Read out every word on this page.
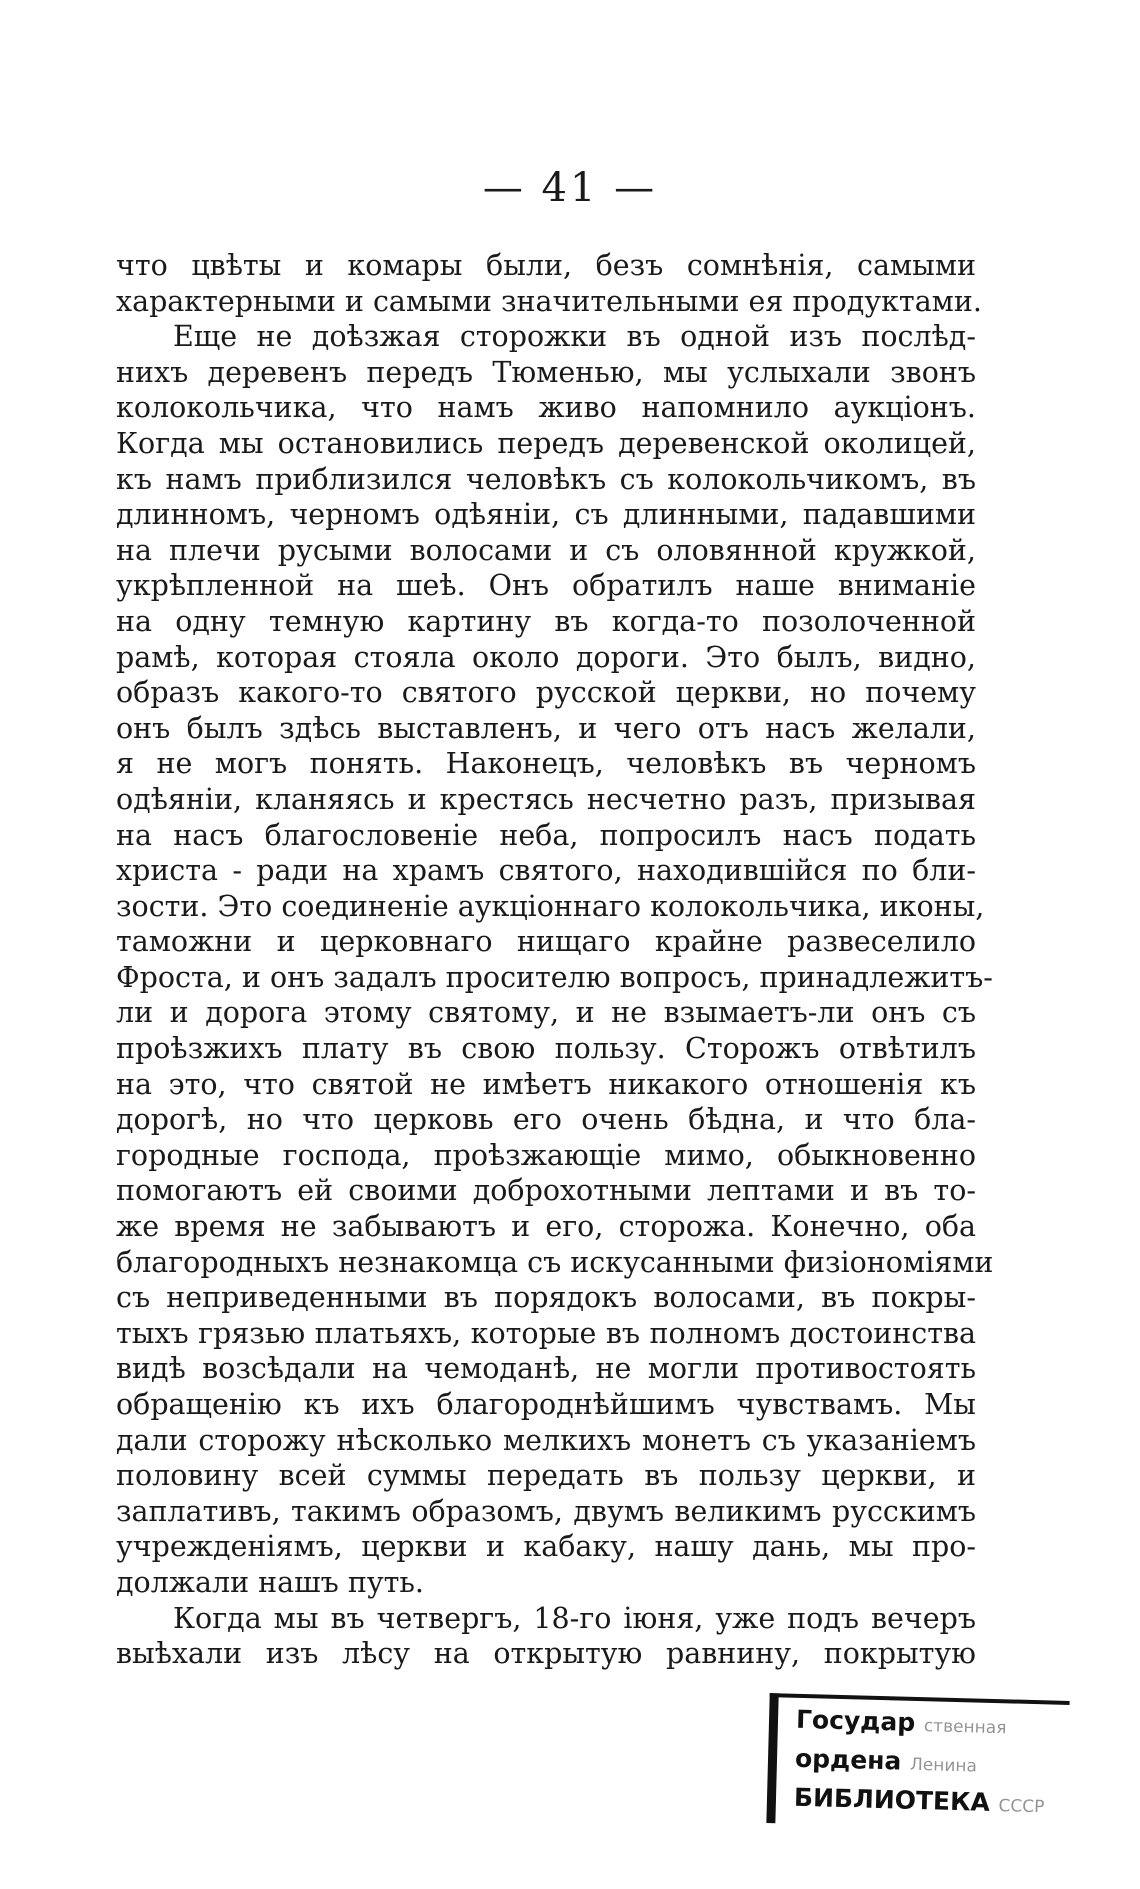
— 41 —
что цвѣты и комары были, безъ сомнѣнія, самыми
характерными и самыми значительными ея продуктами.
Еще не доѣзжая сторожки въ одной изъ послѣд-
нихъ деревенъ передъ Тюменью, мы услыхали звонъ
колокольчика, что намъ живо напомнило аукціонъ.
Когда мы остановились передъ деревенской околицей,
къ намъ приблизился человѣкъ съ колокольчикомъ, въ
длинномъ, черномъ одѣяніи, съ длинными, падавшими
на плечи русыми волосами и съ оловянной кружкой,
укрѣпленной на шеѣ. Онъ обратилъ наше вниманіе
на одну темную картину въ когда-то позолоченной
рамѣ, которая стояла около дороги. Это былъ, видно,
образъ какого-то святого русской церкви, но почему
онъ былъ здѣсь выставленъ, и чего отъ насъ желали,
я не могъ понять. Наконецъ, человѣкъ въ черномъ
одѣяніи, кланяясь и крестясь несчетно разъ, призывая
на насъ благословеніе неба, попросилъ насъ подать
христа - ради на храмъ святого, находившійся по бли-
зости. Это соединеніе аукціоннаго колокольчика, иконы,
таможни и церковнаго нищаго крайне развеселило
Фроста, и онъ задалъ просителю вопросъ, принадлежитъ-
ли и дорога этому святому, и не взымаетъ-ли онъ съ
проѣзжихъ плату въ свою пользу. Сторожъ отвѣтилъ
на это, что святой не имѣетъ никакого отношенія къ
дорогѣ, но что церковь его очень бѣдна, и что бла-
городные господа, проѣзжающіе мимо, обыкновенно
помогаютъ ей своими доброхотными лептами и въ то-
же время не забываютъ и его, сторожа. Конечно, оба
благородныхъ незнакомца съ искусанными физіономіями
съ неприведенными въ порядокъ волосами, въ покры-
тыхъ грязью платьяхъ, которые въ полномъ достоинства
видѣ возсѣдали на чемоданѣ, не могли противостоять
обращенію къ ихъ благороднѣйшимъ чувствамъ. Мы
дали сторожу нѣсколько мелкихъ монетъ съ указаніемъ
половину всей суммы передать въ пользу церкви, и
заплативъ, такимъ образомъ, двумъ великимъ русскимъ
учрежденіямъ, церкви и кабаку, нашу дань, мы про-
должали нашъ путь.
Когда мы въ четвергъ, 18-го іюня, уже подъ вечеръ
выѣхали изъ лѣсу на открытую равнину, покрытую
Государ ственная
ордена Ленина
БИБЛИОТЕКА СССР
